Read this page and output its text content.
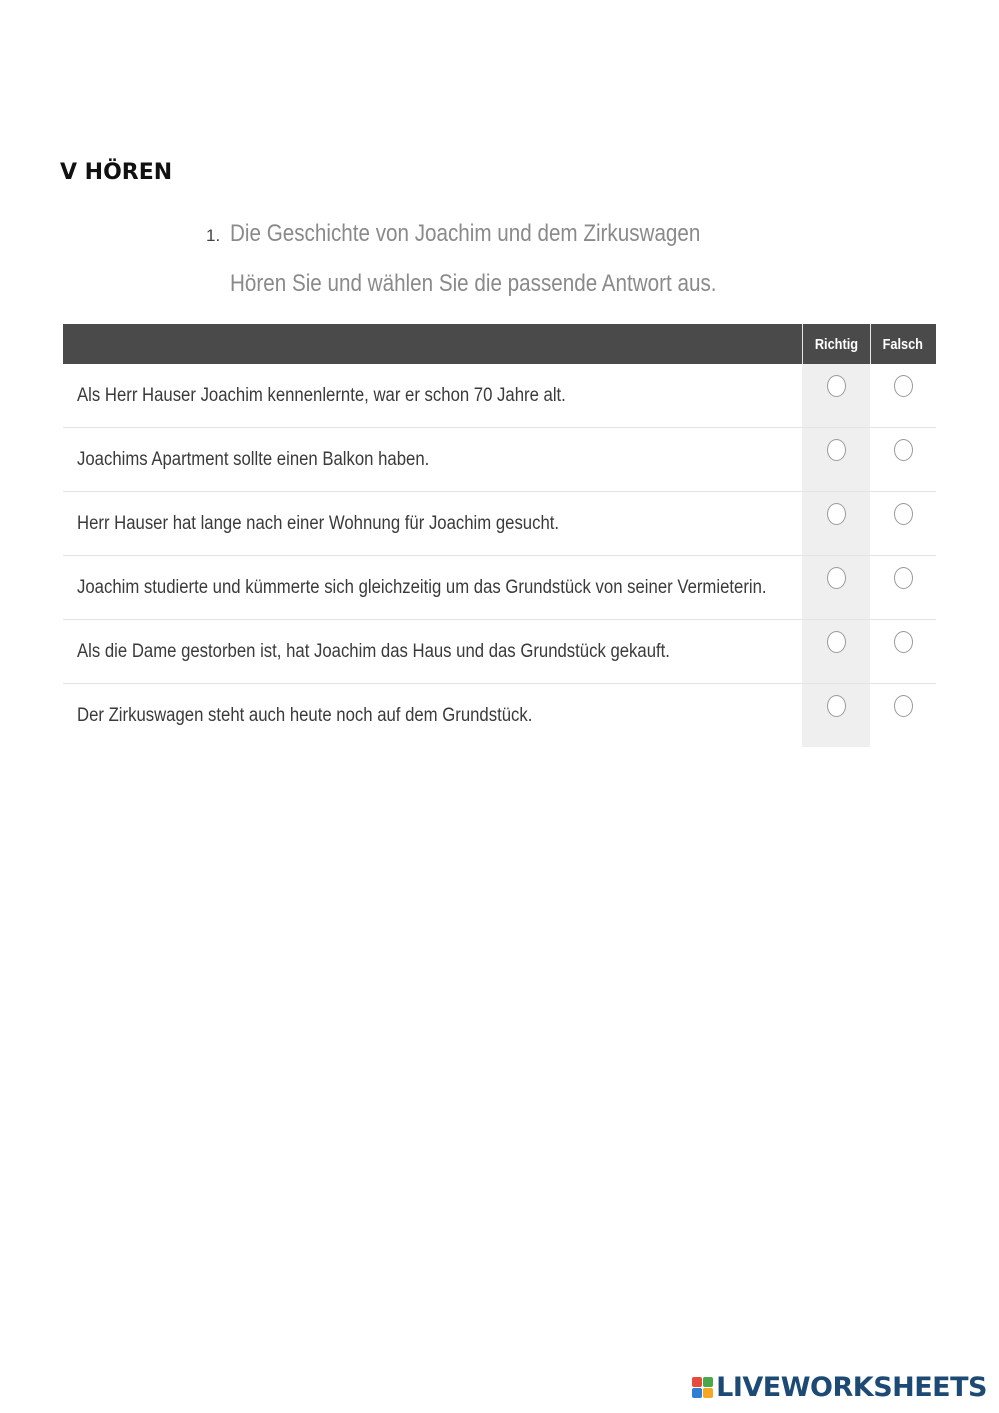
V HÖREN
1. Die Geschichte von Joachim und dem Zirkuswagen
Hören Sie und wählen Sie die passende Antwort aus.
	Richtig	Falsch
Als Herr Hauser Joachim kennenlernte, war er schon 70 Jahre alt.		
Joachims Apartment sollte einen Balkon haben.		
Herr Hauser hat lange nach einer Wohnung für Joachim gesucht.		
Joachim studierte und kümmerte sich gleichzeitig um das Grundstück von seiner Vermieterin.		
Als die Dame gestorben ist, hat Joachim das Haus und das Grundstück gekauft.		
Der Zirkuswagen steht auch heute noch auf dem Grundstück.		
LIVEWORKSHEETS
